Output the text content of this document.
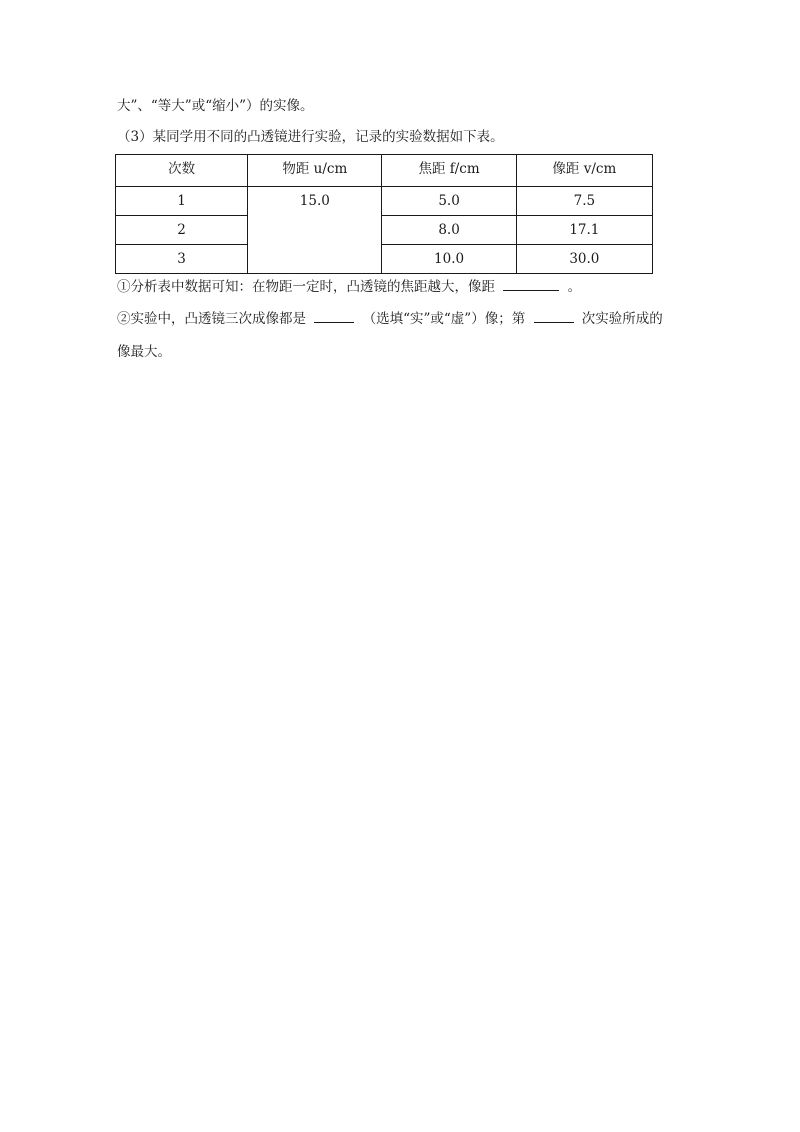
大”、“等大”或“缩小”）的实像。
（3）某同学用不同的凸透镜进行实验，记录的实验数据如下表。
次数	物距 u/cm	焦距 f/cm	像距 v/cm
1	15.0	5.0	7.5
2		8.0	17.1
3		10.0	30.0
①分析表中数据可知：在物距一定时，凸透镜的焦距越大，像距	。
②实验中，凸透镜三次成像都是	（选填“实”或“虚”）像；第	次实验所成的
像最大。
